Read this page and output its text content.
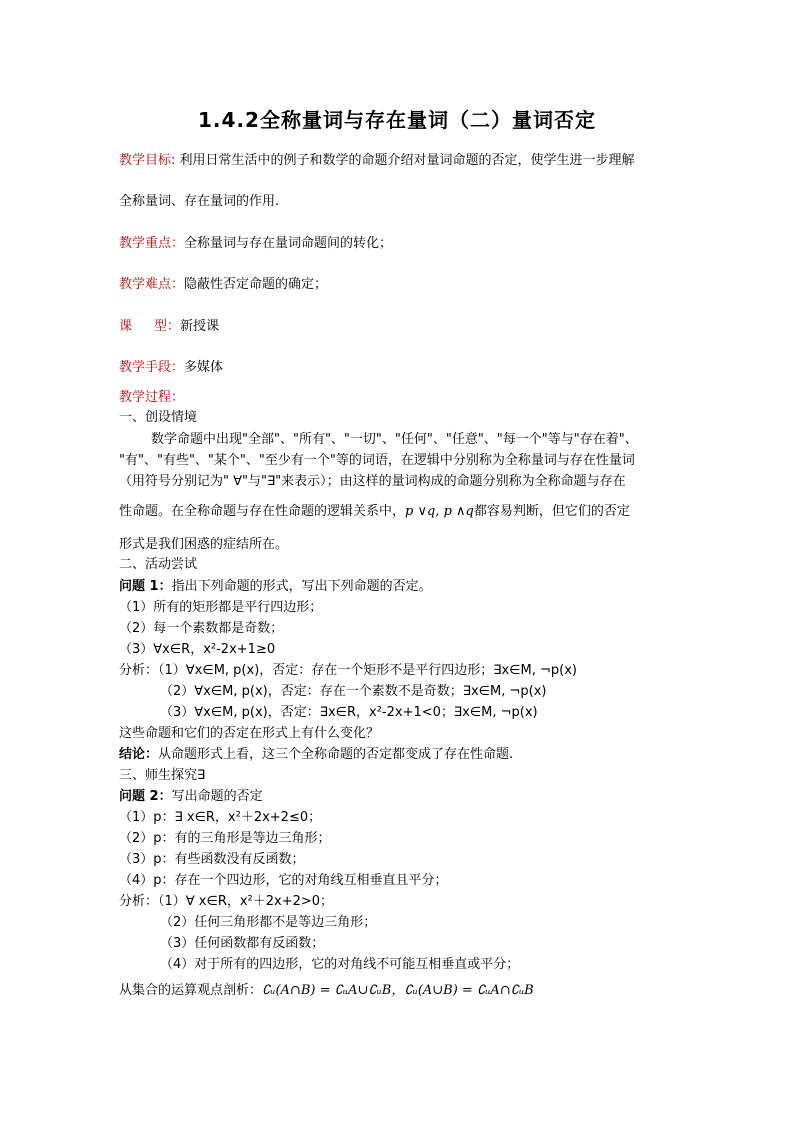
1.4.2全称量词与存在量词（二）量词否定
教学目标: 利用日常生活中的例子和数学的命题介绍对量词命题的否定，使学生进一步理解
全称量词、存在量词的作用.
教学重点：全称量词与存在量词命题间的转化；
教学难点：隐蔽性否定命题的确定；
课 型：新授课
教学手段：多媒体
教学过程：
一、创设情境
数学命题中出现"全部"、"所有"、"一切"、"任何"、"任意"、"每一个"等与"存在着"、
"有"、"有些"、"某个"、"至少有一个"等的词语，在逻辑中分别称为全称量词与存在性量词
（用符号分别记为" ∀"与"∃"来表示）；由这样的量词构成的命题分别称为全称命题与存在
性命题。在全称命题与存在性命题的逻辑关系中，p ∨q, p ∧q都容易判断，但它们的否定
形式是我们困惑的症结所在。
二、活动尝试
问题 1：指出下列命题的形式，写出下列命题的否定。
（1）所有的矩形都是平行四边形；
（2）每一个素数都是奇数；
（3）∀x∈R，x²-2x+1≥0
分析：（1）∀x∈M, p(x)，否定：存在一个矩形不是平行四边形；∃x∈M, ¬p(x)
（2）∀x∈M, p(x)，否定：存在一个素数不是奇数；∃x∈M, ¬p(x)
（3）∀x∈M, p(x)，否定：∃x∈R，x²-2x+1<0；∃x∈M, ¬p(x)
这些命题和它们的否定在形式上有什么变化？
结论：从命题形式上看，这三个全称命题的否定都变成了存在性命题.
三、师生探究∃
问题 2：写出命题的否定
（1）p：∃ x∈R，x²＋2x+2≤0；
（2）p：有的三角形是等边三角形；
（3）p：有些函数没有反函数；
（4）p：存在一个四边形，它的对角线互相垂直且平分；
分析：（1）∀ x∈R，x²＋2x+2>0；
（2）任何三角形都不是等边三角形；
（3）任何函数都有反函数；
（4）对于所有的四边形，它的对角线不可能互相垂直或平分；
从集合的运算观点剖析：∁ᵤ(A∩B) = ∁ᵤA∪∁ᵤB，∁ᵤ(A∪B) = ∁ᵤA∩∁ᵤB
